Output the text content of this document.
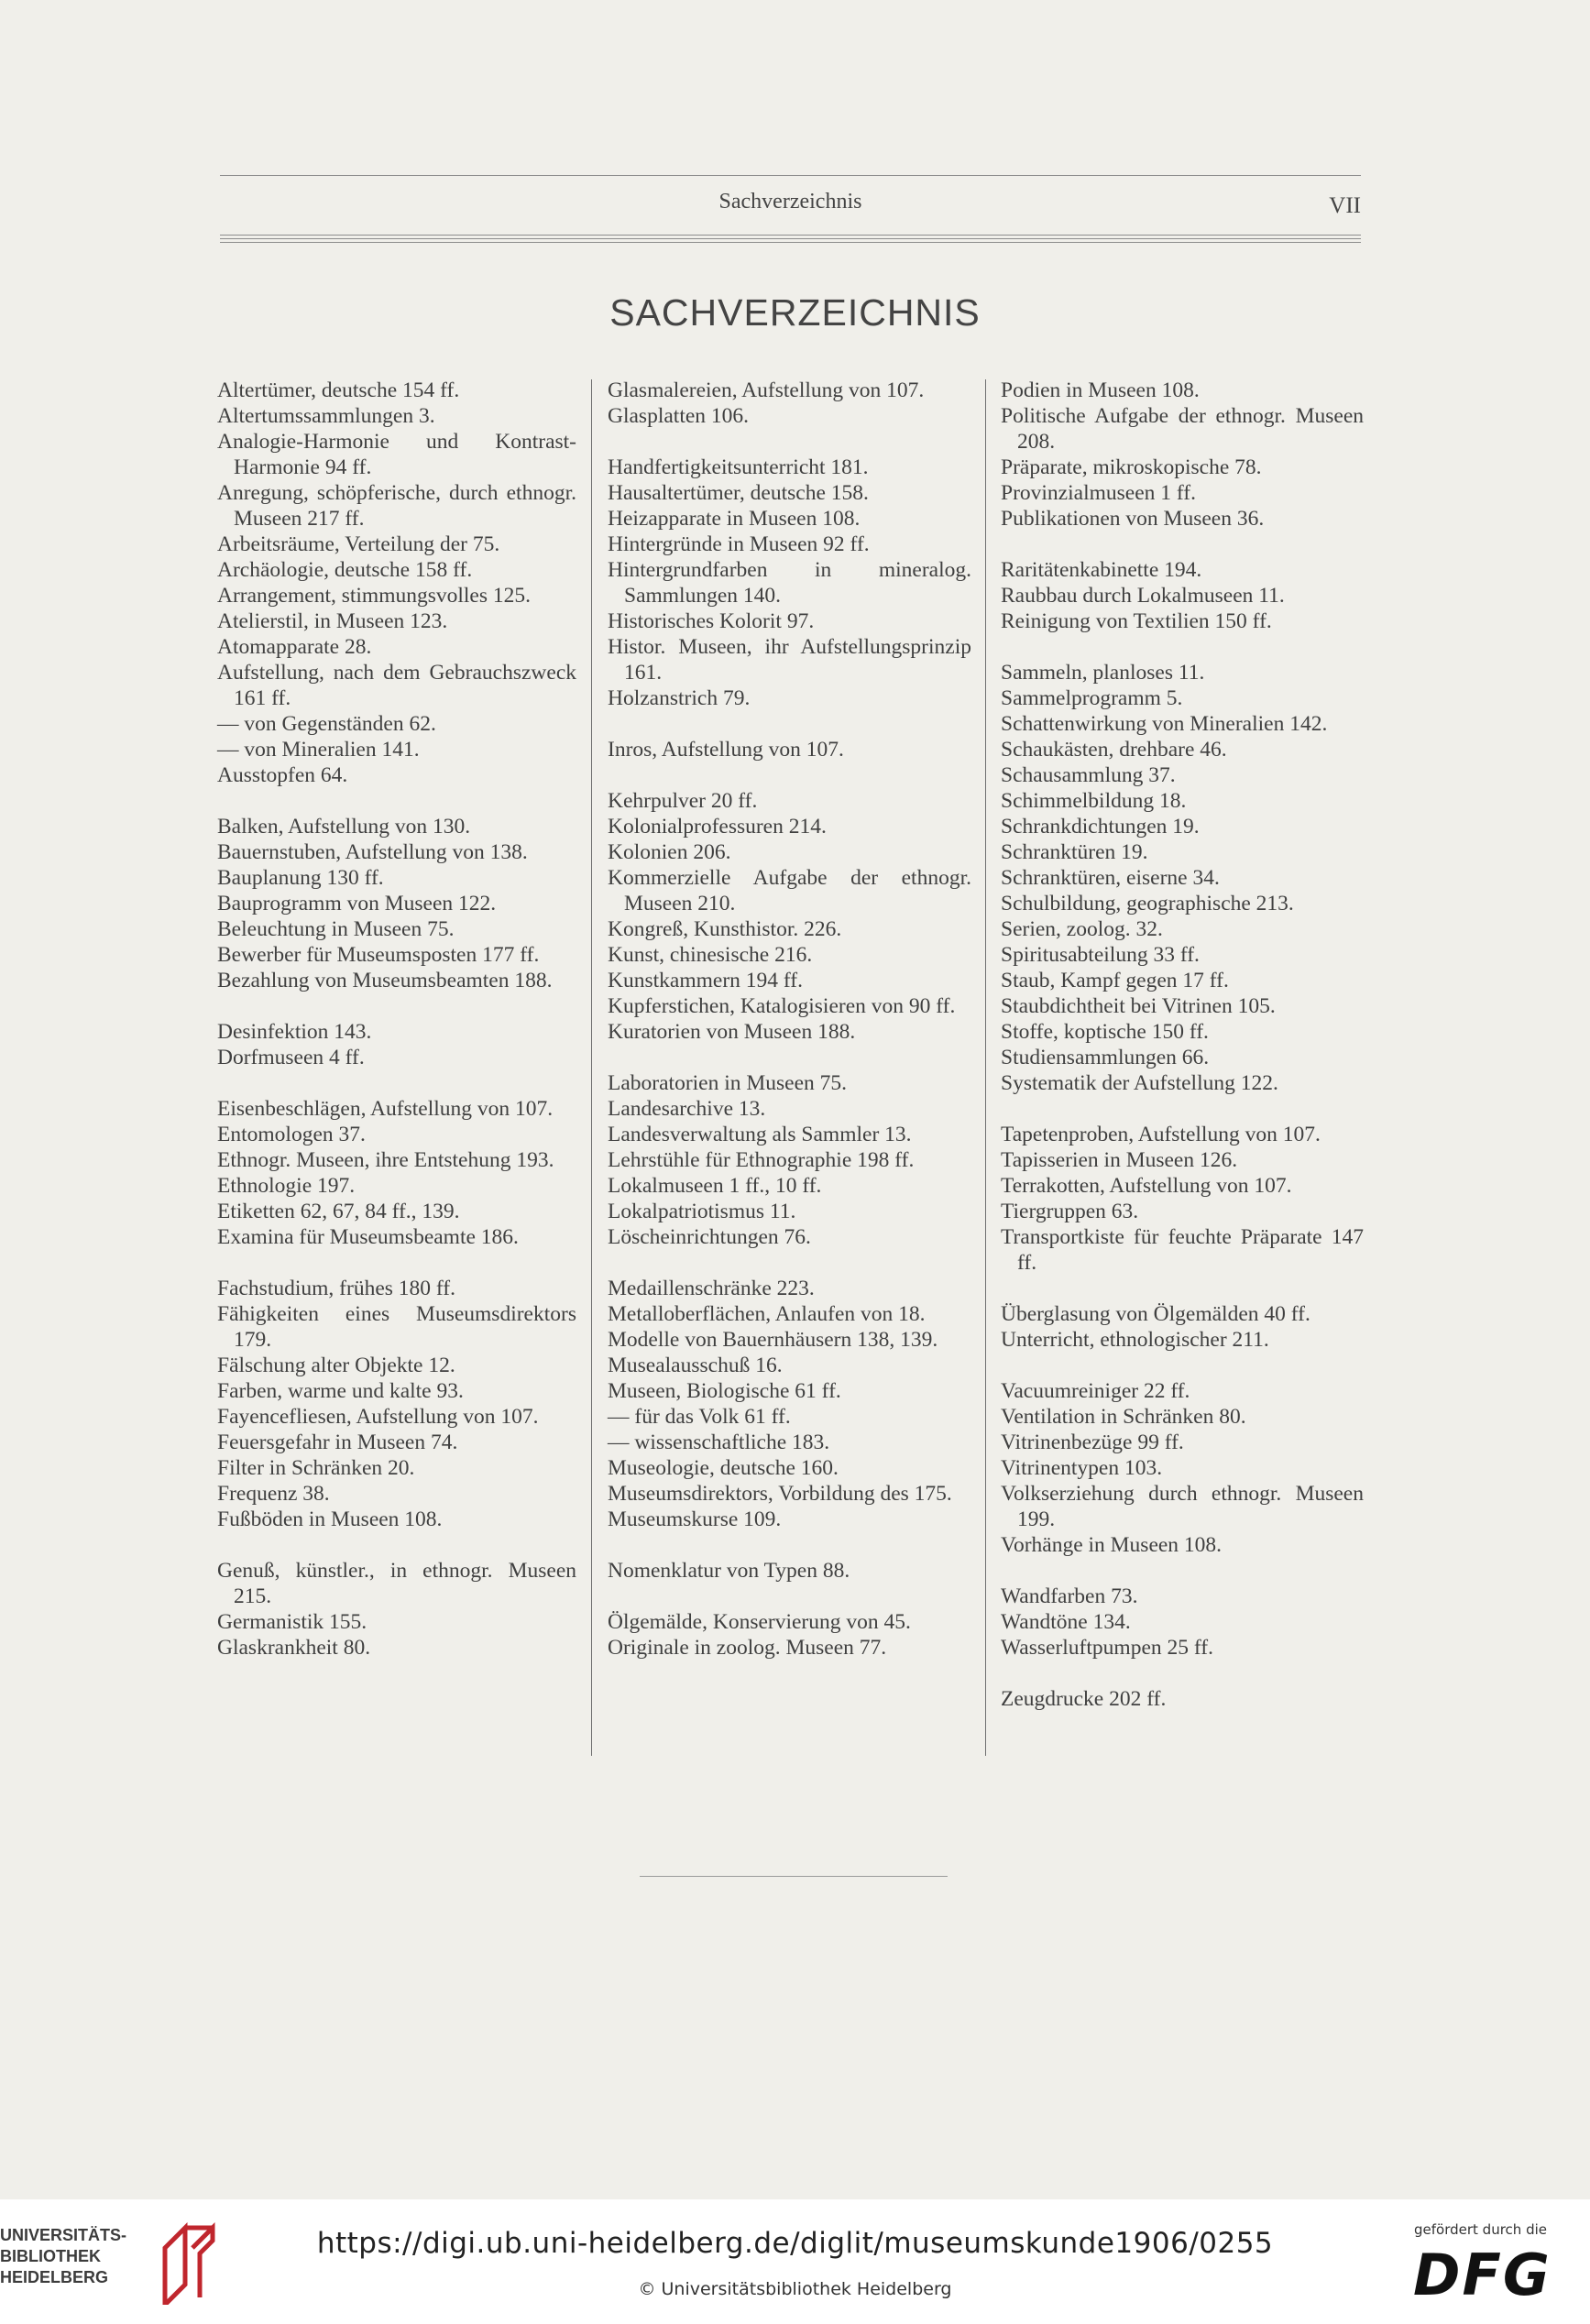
Sachverzeichnis	VII
SACHVERZEICHNIS
Altertümer, deutsche 154 ff.
Altertumssammlungen 3.
Analogie-Harmonie und Kontrast-Harmonie 94 ff.
Anregung, schöpferische, durch ethnogr. Museen 217 ff.
Arbeitsräume, Verteilung der 75.
Archäologie, deutsche 158 ff.
Arrangement, stimmungsvolles 125.
Atelierstil, in Museen 123.
Atomapparate 28.
Aufstellung, nach dem Gebrauchszweck 161 ff.
— von Gegenständen 62.
— von Mineralien 141.
Ausstopfen 64.
Balken, Aufstellung von 130.
Bauernstuben, Aufstellung von 138.
Bauplanung 130 ff.
Bauprogramm von Museen 122.
Beleuchtung in Museen 75.
Bewerber für Museumsposten 177 ff.
Bezahlung von Museumsbeamten 188.
Desinfektion 143.
Dorfmuseen 4 ff.
Eisenbeschlägen, Aufstellung von 107.
Entomologen 37.
Ethnogr. Museen, ihre Entstehung 193.
Ethnologie 197.
Etiketten 62, 67, 84 ff., 139.
Examina für Museumsbeamte 186.
Fachstudium, frühes 180 ff.
Fähigkeiten eines Museumsdirektors 179.
Fälschung alter Objekte 12.
Farben, warme und kalte 93.
Fayencefliesen, Aufstellung von 107.
Feuersgefahr in Museen 74.
Filter in Schränken 20.
Frequenz 38.
Fußböden in Museen 108.
Genuß, künstler., in ethnogr. Museen 215.
Germanistik 155.
Glaskrankheit 80.
Glasmalereien, Aufstellung von 107.
Glasplatten 106.
Handfertigkeitsunterricht 181.
Hausaltertümer, deutsche 158.
Heizapparate in Museen 108.
Hintergründe in Museen 92 ff.
Hintergrundfarben in mineralog. Sammlungen 140.
Historisches Kolorit 97.
Histor. Museen, ihr Aufstellungsprinzip 161.
Holzanstrich 79.
Inros, Aufstellung von 107.
Kehrpulver 20 ff.
Kolonialprofessuren 214.
Kolonien 206.
Kommerzielle Aufgabe der ethnogr. Museen 210.
Kongreß, Kunsthistor. 226.
Kunst, chinesische 216.
Kunstkammern 194 ff.
Kupferstichen, Katalogisieren von 90 ff.
Kuratorien von Museen 188.
Laboratorien in Museen 75.
Landesarchive 13.
Landesverwaltung als Sammler 13.
Lehrstühle für Ethnographie 198 ff.
Lokalmuseen 1 ff., 10 ff.
Lokalpatriotismus 11.
Löscheinrichtungen 76.
Medaillenschränke 223.
Metalloberflächen, Anlaufen von 18.
Modelle von Bauernhäusern 138, 139.
Musealausschuß 16.
Museen, Biologische 61 ff.
— für das Volk 61 ff.
— wissenschaftliche 183.
Museologie, deutsche 160.
Museumsdirektors, Vorbildung des 175.
Museumskurse 109.
Nomenklatur von Typen 88.
Ölgemälde, Konservierung von 45.
Originale in zoolog. Museen 77.
Podien in Museen 108.
Politische Aufgabe der ethnogr. Museen 208.
Präparate, mikroskopische 78.
Provinzialmuseen 1 ff.
Publikationen von Museen 36.
Raritätenkabinette 194.
Raubbau durch Lokalmuseen 11.
Reinigung von Textilien 150 ff.
Sammeln, planloses 11.
Sammelprogramm 5.
Schattenwirkung von Mineralien 142.
Schaukästen, drehbare 46.
Schausammlung 37.
Schimmelbildung 18.
Schrankdichtungen 19.
Schranktüren 19.
Schranktüren, eiserne 34.
Schulbildung, geographische 213.
Serien, zoolog. 32.
Spiritusabteilung 33 ff.
Staub, Kampf gegen 17 ff.
Staubdichtheit bei Vitrinen 105.
Stoffe, koptische 150 ff.
Studiensammlungen 66.
Systematik der Aufstellung 122.
Tapetenproben, Aufstellung von 107.
Tapisserien in Museen 126.
Terrakotten, Aufstellung von 107.
Tiergruppen 63.
Transportkiste für feuchte Präparate 147 ff.
Überglasung von Ölgemälden 40 ff.
Unterricht, ethnologischer 211.
Vacuumreiniger 22 ff.
Ventilation in Schränken 80.
Vitrinenbezüge 99 ff.
Vitrinentypen 103.
Volkserziehung durch ethnogr. Museen 199.
Vorhänge in Museen 108.
Wandfarben 73.
Wandtöne 134.
Wasserluftpumpen 25 ff.
Zeugdrucke 202 ff.
UNIVERSITÄTS-
BIBLIOTHEK
HEIDELBERG
https://digi.ub.uni-heidelberg.de/diglit/museumskunde1906/0255
© Universitätsbibliothek Heidelberg
gefördert durch die
DFG
